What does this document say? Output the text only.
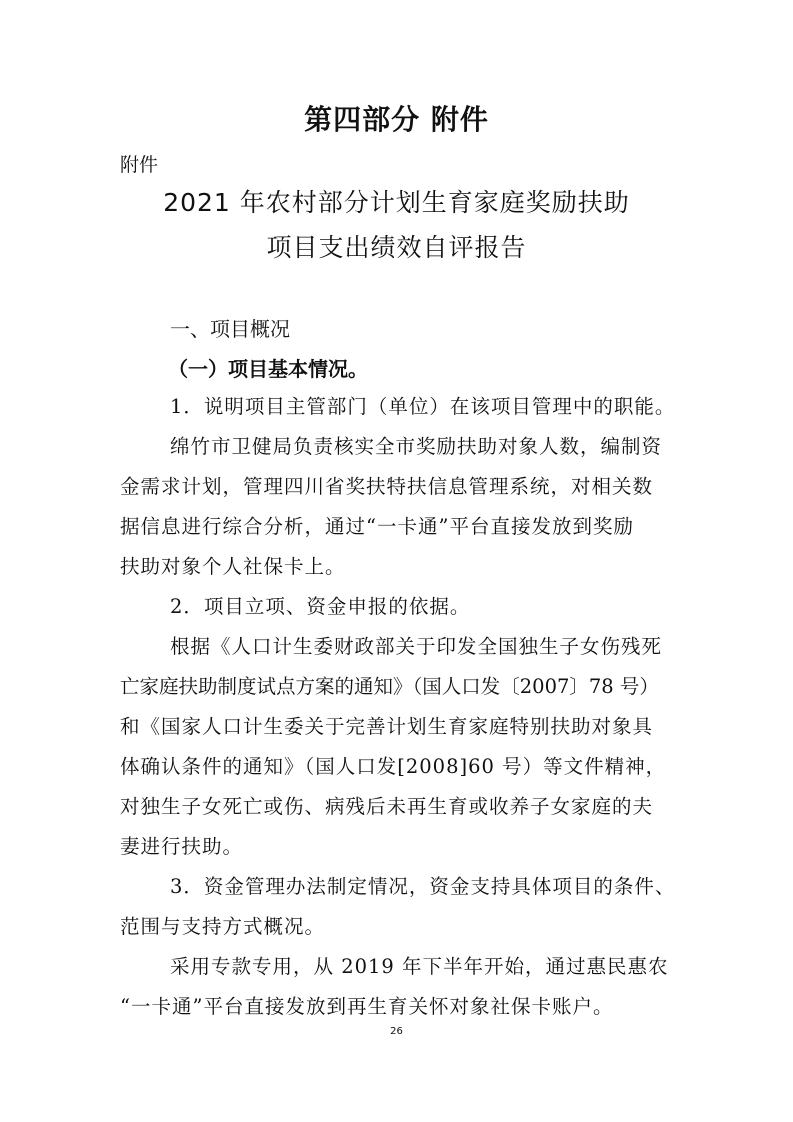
第四部分 附件
附件
2021 年农村部分计划生育家庭奖励扶助
项目支出绩效自评报告
一、项目概况
（一）项目基本情况。
1．说明项目主管部门（单位）在该项目管理中的职能。
绵竹市卫健局负责核实全市奖励扶助对象人数，编制资
金需求计划，管理四川省奖扶特扶信息管理系统，对相关数
据信息进行综合分析，通过“一卡通”平台直接发放到奖励
扶助对象个人社保卡上。
2．项目立项、资金申报的依据。
根据《人口计生委财政部关于印发全国独生子女伤残死
亡家庭扶助制度试点方案的通知》（国人口发〔2007〕78 号）
和《国家人口计生委关于完善计划生育家庭特别扶助对象具
体确认条件的通知》（国人口发[2008]60 号）等文件精神，
对独生子女死亡或伤、病残后未再生育或收养子女家庭的夫
妻进行扶助。
3．资金管理办法制定情况，资金支持具体项目的条件、
范围与支持方式概况。
采用专款专用，从 2019 年下半年开始，通过惠民惠农
“一卡通”平台直接发放到再生育关怀对象社保卡账户。
26
